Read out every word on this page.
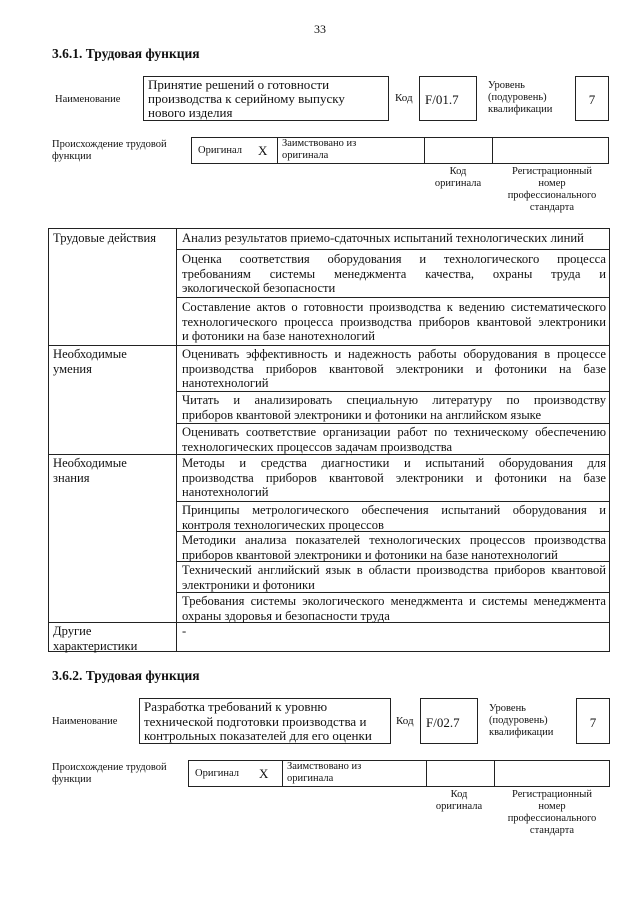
33
3.6.1. Трудовая функция
Наименование
Принятие решений о готовности
производства к серийному выпуску
нового изделия
Код F/01.7
Уровень
(подуровень)
квалификации
7
Происхождение трудовой
функции
Оригинал X Заимствовано из
оригинала
Код
оригинала
Регистрационный
номер
профессионального
стандарта
Трудовые действия	Анализ результатов приемо-сдаточных испытаний технологических линий
Оценка соответствия оборудования и технологического процесса
требованиям системы менеджмента качества, охраны труда и
экологической безопасности
Составление актов о готовности производства к ведению систематического
технологического процесса производства приборов квантовой электроники
и фотоники на базе нанотехнологий
Необходимые
умения
Оценивать эффективность и надежность работы оборудования в процессе
производства приборов квантовой электроники и фотоники на базе
нанотехнологий
Читать и анализировать специальную литературу по производству
приборов квантовой электроники и фотоники на английском языке
Оценивать соответствие организации работ по техническому обеспечению
технологических процессов задачам производства
Необходимые
знания
Методы и средства диагностики и испытаний оборудования для
производства приборов квантовой электроники и фотоники на базе
нанотехнологий
Принципы метрологического обеспечения испытаний оборудования и
контроля технологических процессов
Методики анализа показателей технологических процессов производства
приборов квантовой электроники и фотоники на базе нанотехнологий
Технический английский язык в области производства приборов квантовой
электроники и фотоники
Требования системы экологического менеджмента и системы менеджмента
охраны здоровья и безопасности труда
Другие
характеристики
-
3.6.2. Трудовая функция
Наименование
Разработка требований к уровню
технической подготовки производства и
контрольных показателей для его оценки
Код F/02.7
Уровень
(подуровень)
квалификации
7
Происхождение трудовой
функции
Оригинал X Заимствовано из
оригинала
Код
оригинала
Регистрационный
номер
профессионального
стандарта
